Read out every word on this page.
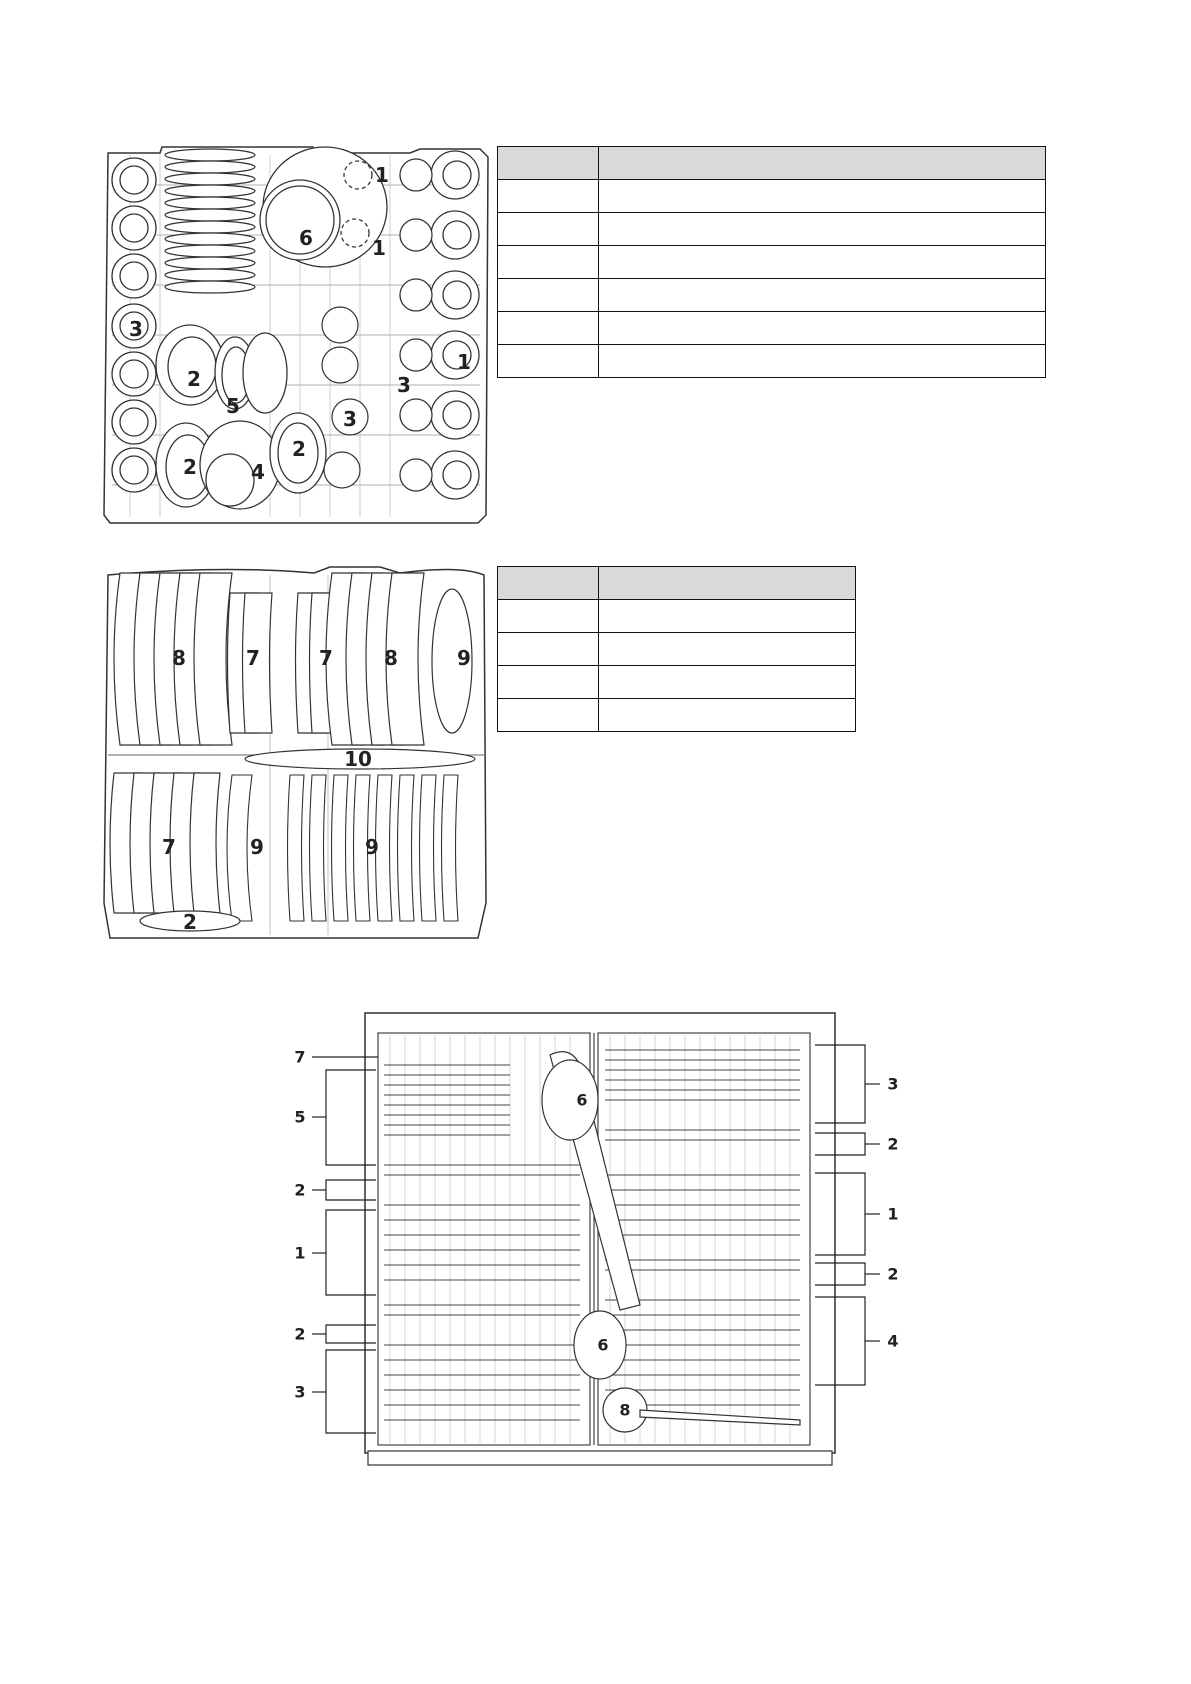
1
1
6
3
2
5
1
3
3
2	4
2

8	7	7	8	9
10
7	9	9
2

7
5
2
1
2
3
3
2
1
2
4
6
6
8
